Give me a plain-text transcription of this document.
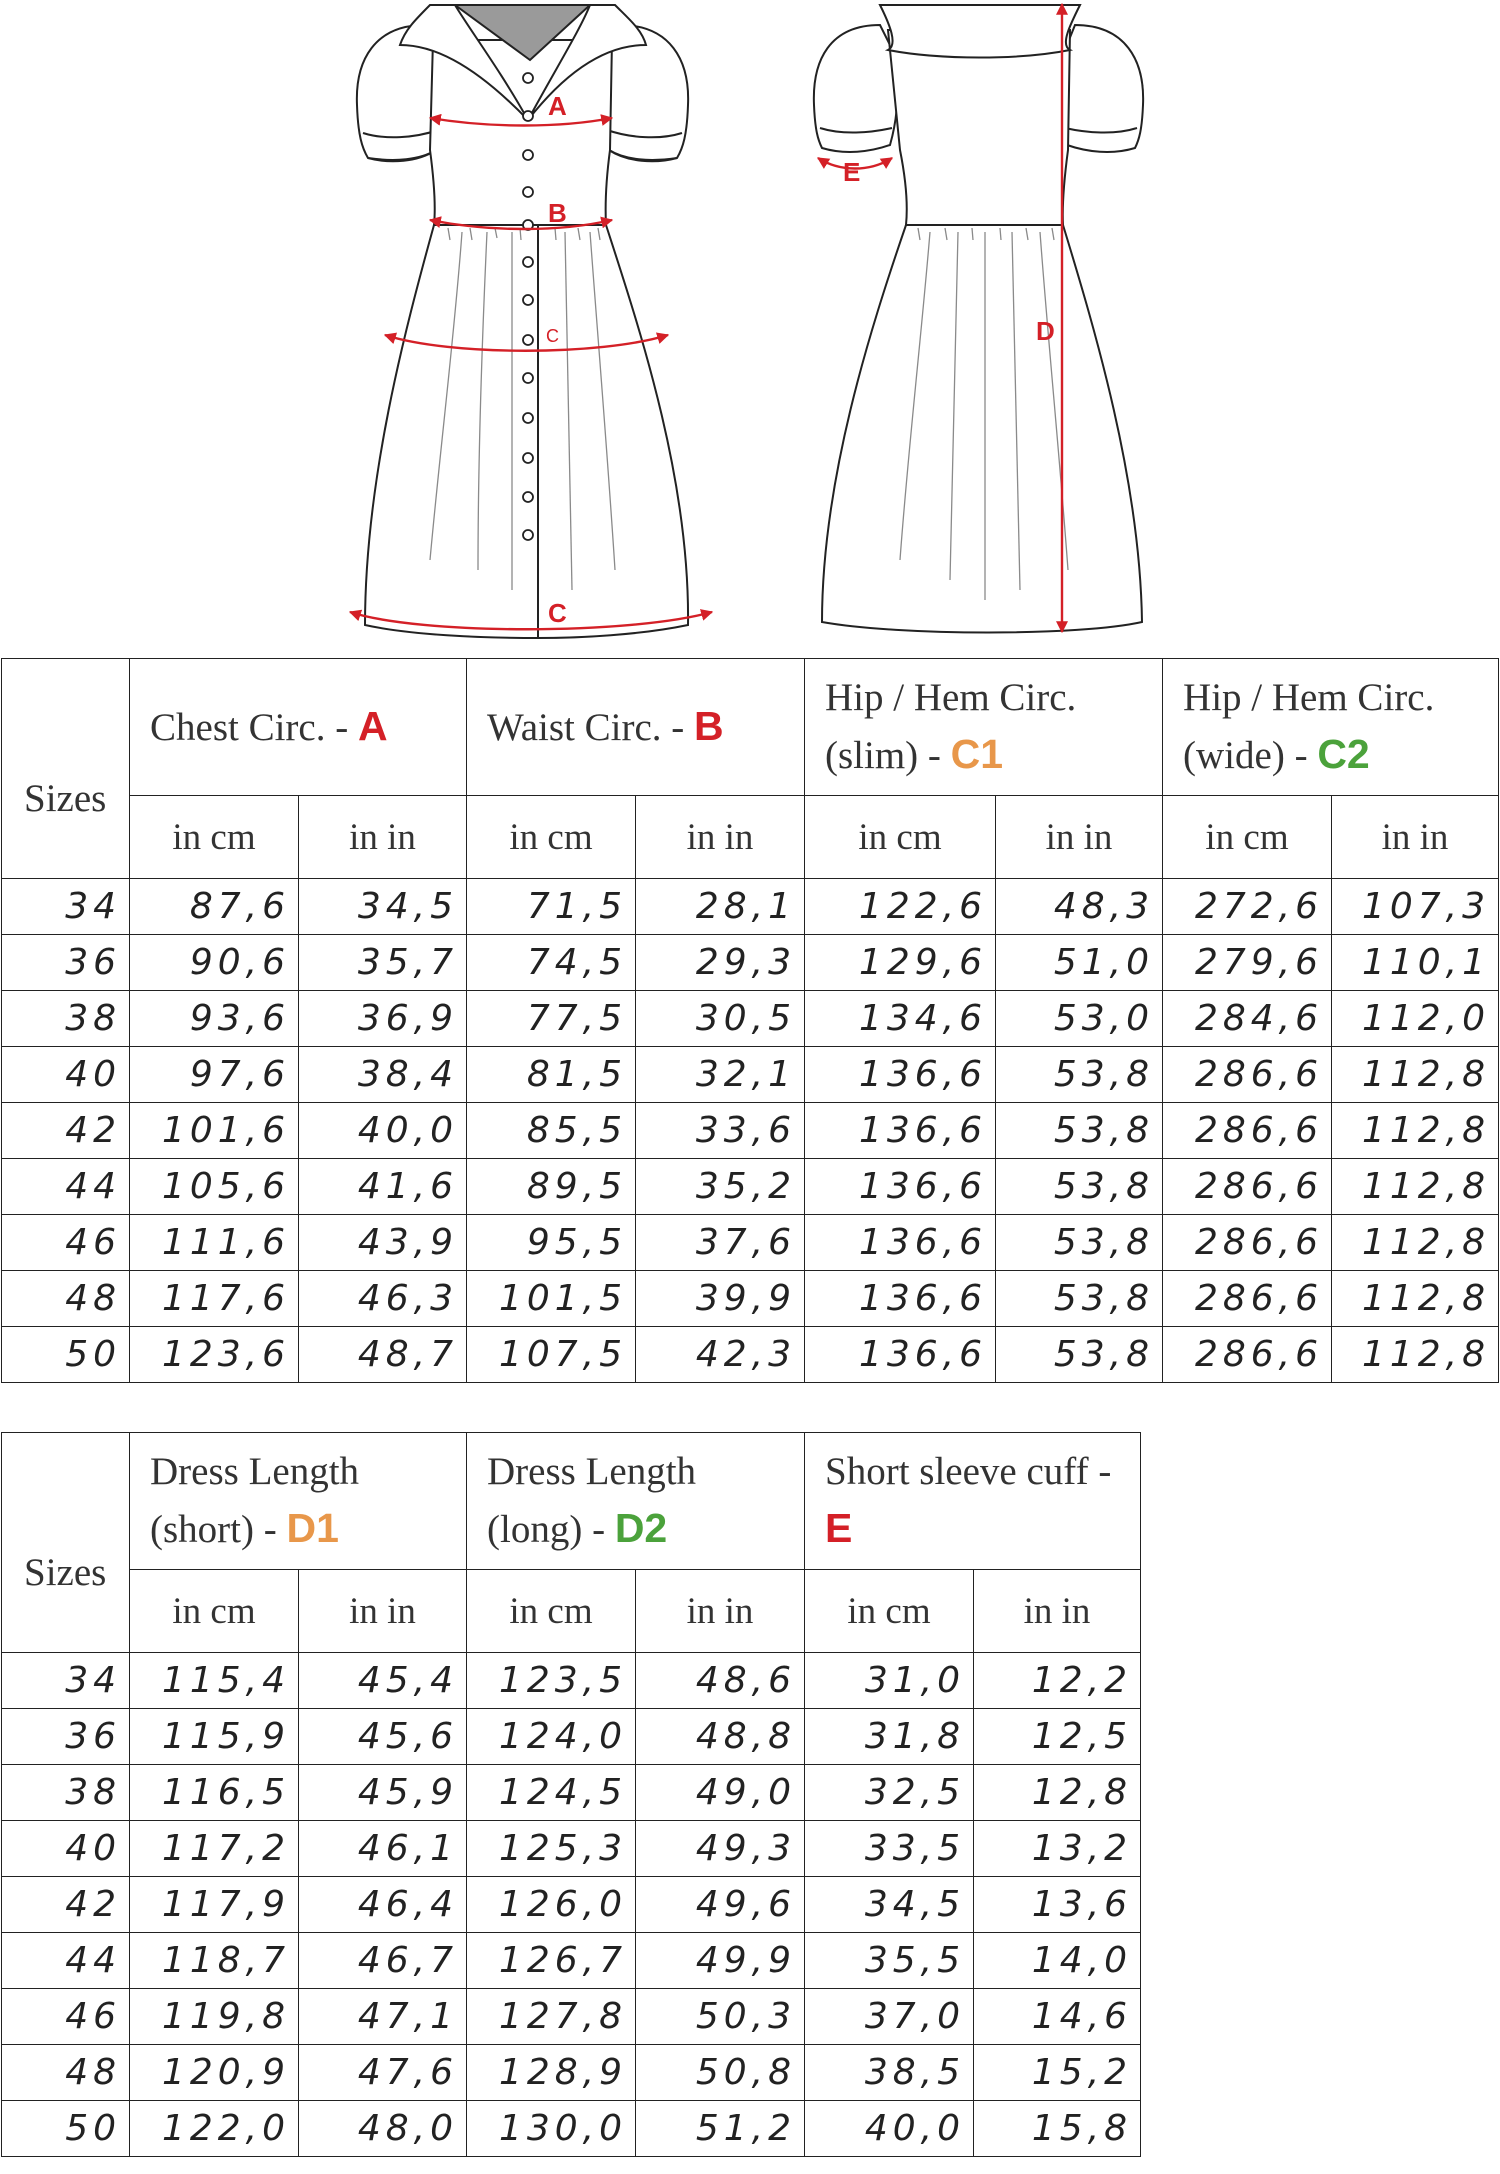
A
B
C
C
E
D
Sizes	Chest Circ. - A		Waist Circ. - B		Hip / Hem Circ. (slim) - C1		Hip / Hem Circ. (wide) - C2	
	in cm	in in	in cm	in in	in cm	in in	in cm	in in
34	87,6	34,5	71,5	28,1	122,6	48,3	272,6	107,3
36	90,6	35,7	74,5	29,3	129,6	51,0	279,6	110,1
38	93,6	36,9	77,5	30,5	134,6	53,0	284,6	112,0
40	97,6	38,4	81,5	32,1	136,6	53,8	286,6	112,8
42	101,6	40,0	85,5	33,6	136,6	53,8	286,6	112,8
44	105,6	41,6	89,5	35,2	136,6	53,8	286,6	112,8
46	111,6	43,9	95,5	37,6	136,6	53,8	286,6	112,8
48	117,6	46,3	101,5	39,9	136,6	53,8	286,6	112,8
50	123,6	48,7	107,5	42,3	136,6	53,8	286,6	112,8
Sizes	Dress Length (short) - D1		Dress Length (long) - D2		Short sleeve cuff - E	
	in cm	in in	in cm	in in	in cm	in in
34	115,4	45,4	123,5	48,6	31,0	12,2
36	115,9	45,6	124,0	48,8	31,8	12,5
38	116,5	45,9	124,5	49,0	32,5	12,8
40	117,2	46,1	125,3	49,3	33,5	13,2
42	117,9	46,4	126,0	49,6	34,5	13,6
44	118,7	46,7	126,7	49,9	35,5	14,0
46	119,8	47,1	127,8	50,3	37,0	14,6
48	120,9	47,6	128,9	50,8	38,5	15,2
50	122,0	48,0	130,0	51,2	40,0	15,8
